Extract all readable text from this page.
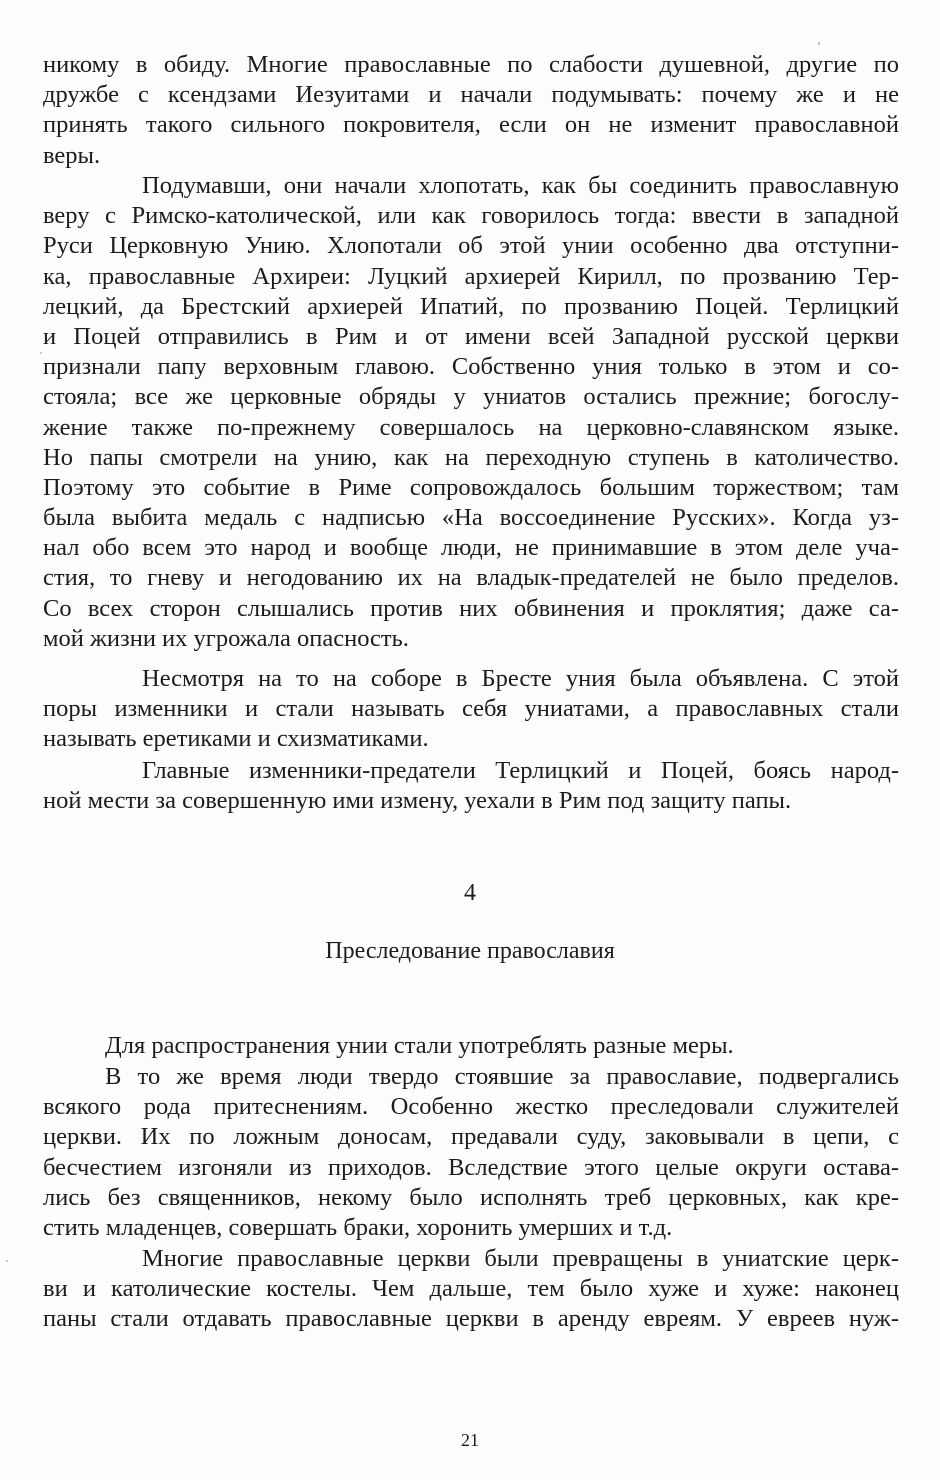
никому в обиду. Многие православные по слабости душевной, другие по
дружбе с ксендзами Иезуитами и начали подумывать: почему же и не
принять такого сильного покровителя, если он не изменит православной
веры.
Подумавши, они начали хлопотать, как бы соединить православную
веру с Римско-католической, или как говорилось тогда: ввести в западной
Руси Церковную Унию. Хлопотали об этой унии особенно два отступни-
ка, православные Архиреи: Луцкий архиерей Кирилл, по прозванию Тер-
лецкий, да Брестский архиерей Ипатий, по прозванию Поцей. Терлицкий
и Поцей отправились в Рим и от имени всей Западной русской церкви
признали папу верховным главою. Собственно уния только в этом и со-
стояла; все же церковные обряды у униатов остались прежние; богослу-
жение также по-прежнему совершалось на церковно-славянском языке.
Но папы смотрели на унию, как на переходную ступень в католичество.
Поэтому это событие в Риме сопровождалось большим торжеством; там
была выбита медаль с надписью «На воссоединение Русских». Когда уз-
нал обо всем это народ и вообще люди, не принимавшие в этом деле уча-
стия, то гневу и негодованию их на владык-предателей не было пределов.
Со всех сторон слышались против них обвинения и проклятия; даже са-
мой жизни их угрожала опасность.
Несмотря на то на соборе в Бресте уния была объявлена. С этой
поры изменники и стали называть себя униатами, а православных стали
называть еретиками и схизматиками.
Главные изменники-предатели Терлицкий и Поцей, боясь народ-
ной мести за совершенную ими измену, уехали в Рим под защиту папы.
4
Преследование православия
Для распространения унии стали употреблять разные меры.
В то же время люди твердо стоявшие за православие, подвергались
всякого рода притеснениям. Особенно жестко преследовали служителей
церкви. Их по ложным доносам, предавали суду, заковывали в цепи, с
бесчестием изгоняли из приходов. Вследствие этого целые округи остава-
лись без священников, некому было исполнять треб церковных, как кре-
стить младенцев, совершать браки, хоронить умерших и т.д.
Многие православные церкви были превращены в униатские церк-
ви и католические костелы. Чем дальше, тем было хуже и хуже: наконец
паны стали отдавать православные церкви в аренду евреям. У евреев нуж-
21
